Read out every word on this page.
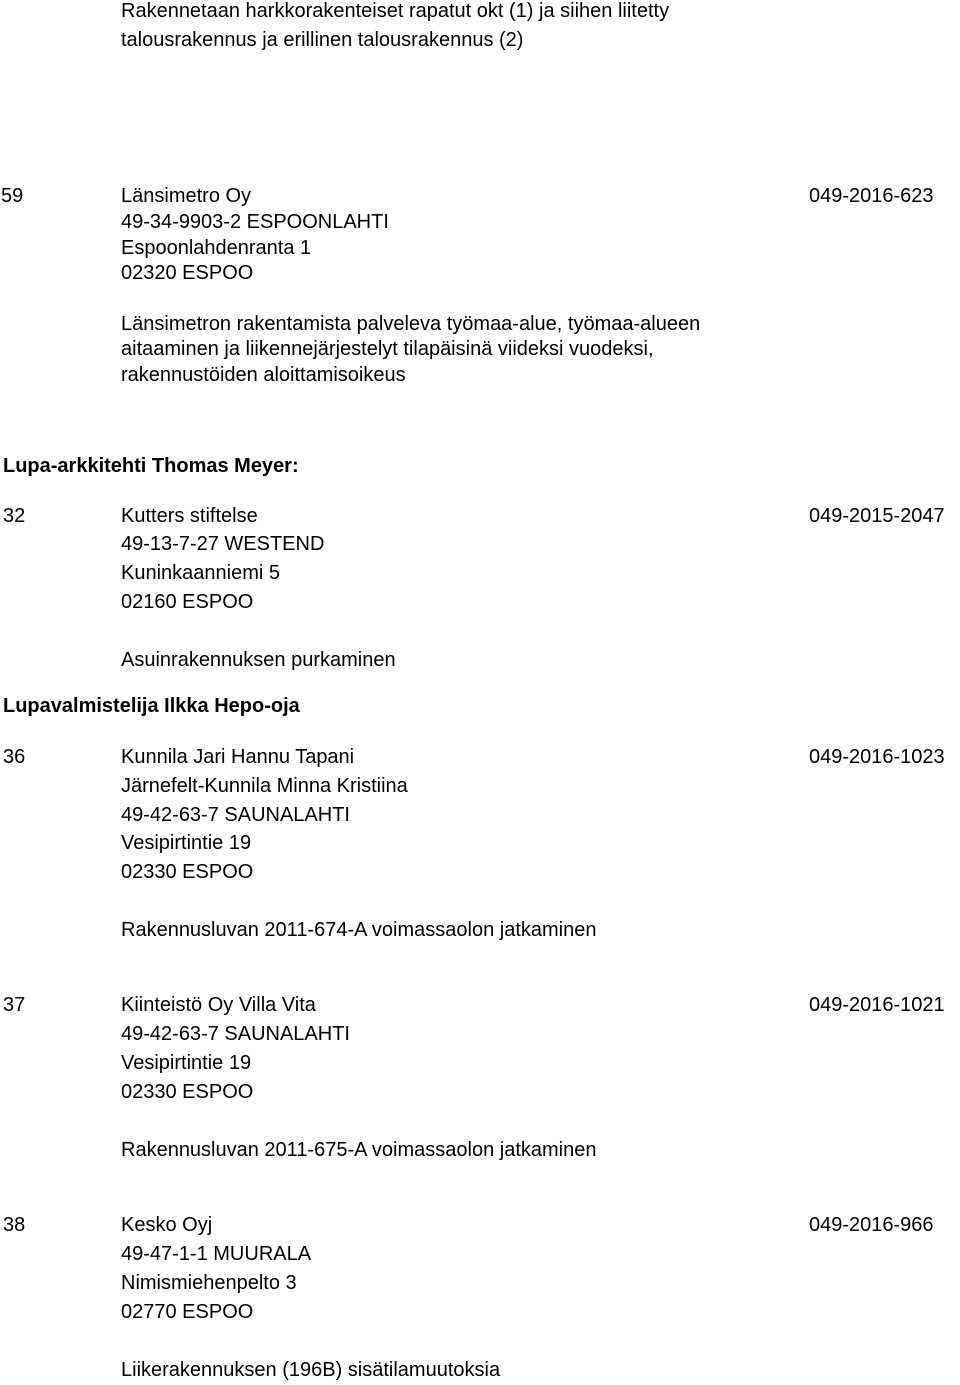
Rakennetaan harkkorakenteiset rapatut okt (1) ja siihen liitetty
talousrakennus ja erillinen talousrakennus (2)
59	Länsimetro Oy	049-2016-623
49-34-9903-2 ESPOONLAHTI
Espoonlahdenranta 1
02320 ESPOO
Länsimetron rakentamista palveleva työmaa-alue, työmaa-alueen
aitaaminen ja liikennejärjestelyt tilapäisinä viideksi vuodeksi,
rakennustöiden aloittamisoikeus
Lupa-arkkitehti Thomas Meyer:
32	Kutters stiftelse	049-2015-2047
49-13-7-27 WESTEND
Kuninkaanniemi 5
02160 ESPOO
Asuinrakennuksen purkaminen
Lupavalmistelija Ilkka Hepo-oja
36	Kunnila Jari Hannu Tapani	049-2016-1023
Järnefelt-Kunnila Minna Kristiina
49-42-63-7 SAUNALAHTI
Vesipirtintie 19
02330 ESPOO
Rakennusluvan 2011-674-A voimassaolon jatkaminen
37	Kiinteistö Oy Villa Vita	049-2016-1021
49-42-63-7 SAUNALAHTI
Vesipirtintie 19
02330 ESPOO
Rakennusluvan 2011-675-A voimassaolon jatkaminen
38	Kesko Oyj	049-2016-966
49-47-1-1 MUURALA
Nimismiehenpelto 3
02770 ESPOO
Liikerakennuksen (196B) sisätilamuutoksia
